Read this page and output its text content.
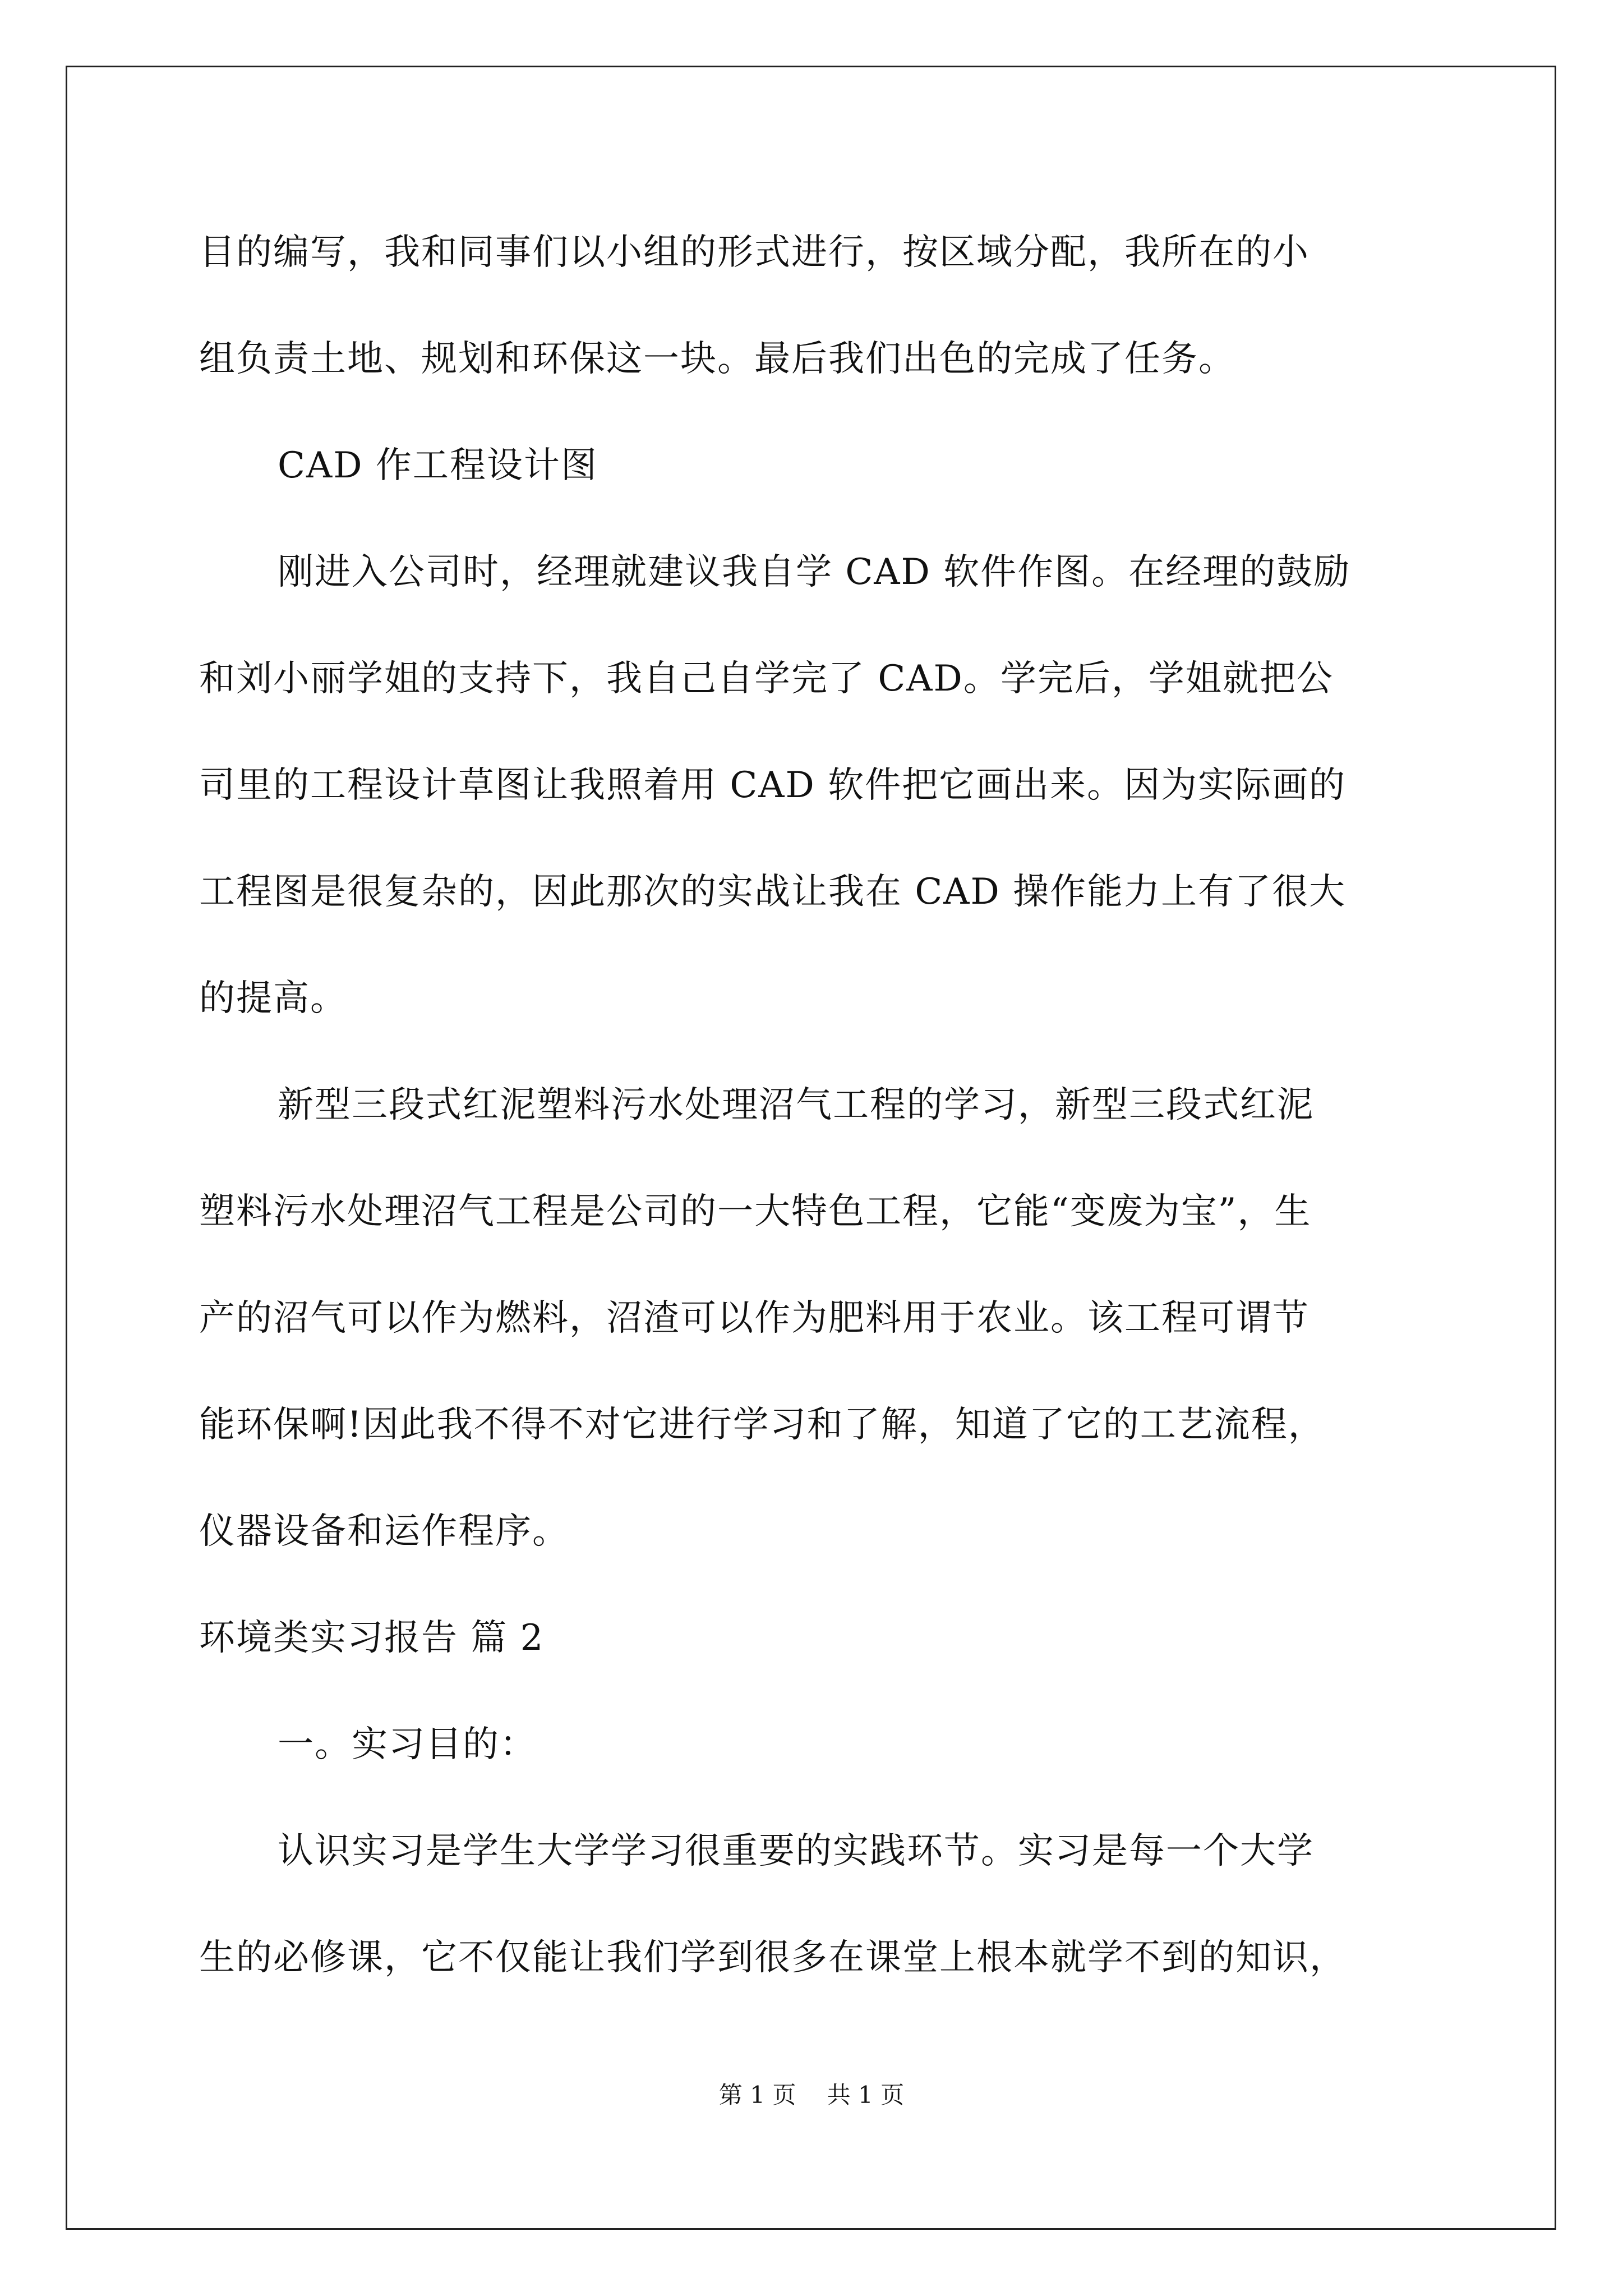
目的编写，我和同事们以小组的形式进行，按区域分配，我所在的小
组负责土地、规划和环保这一块。最后我们出色的完成了任务。
CAD 作工程设计图
刚进入公司时，经理就建议我自学 CAD 软件作图。在经理的鼓励
和刘小丽学姐的支持下，我自己自学完了 CAD。学完后，学姐就把公
司里的工程设计草图让我照着用 CAD 软件把它画出来。因为实际画的
工程图是很复杂的，因此那次的实战让我在 CAD 操作能力上有了很大
的提高。
新型三段式红泥塑料污水处理沼气工程的学习，新型三段式红泥
塑料污水处理沼气工程是公司的一大特色工程，它能“变废为宝”，生
产的沼气可以作为燃料，沼渣可以作为肥料用于农业。该工程可谓节
能环保啊!因此我不得不对它进行学习和了解，知道了它的工艺流程，
仪器设备和运作程序。
环境类实习报告 篇 2
一。实习目的：
认识实习是学生大学学习很重要的实践环节。实习是每一个大学
生的必修课，它不仅能让我们学到很多在课堂上根本就学不到的知识，
第 1 页　 共 1 页
